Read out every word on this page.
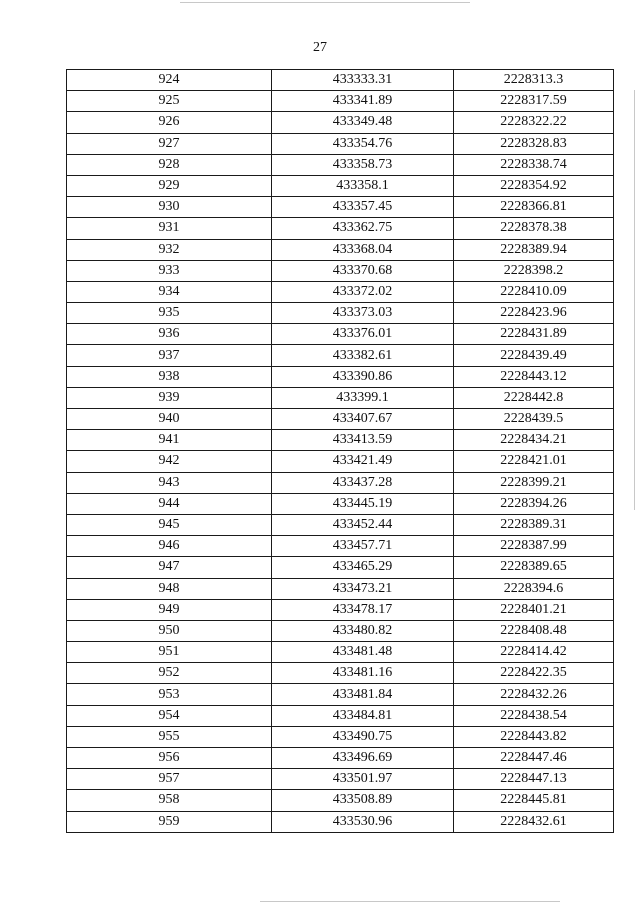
27
924	433333.31	2228313.3
925	433341.89	2228317.59
926	433349.48	2228322.22
927	433354.76	2228328.83
928	433358.73	2228338.74
929	433358.1	2228354.92
930	433357.45	2228366.81
931	433362.75	2228378.38
932	433368.04	2228389.94
933	433370.68	2228398.2
934	433372.02	2228410.09
935	433373.03	2228423.96
936	433376.01	2228431.89
937	433382.61	2228439.49
938	433390.86	2228443.12
939	433399.1	2228442.8
940	433407.67	2228439.5
941	433413.59	2228434.21
942	433421.49	2228421.01
943	433437.28	2228399.21
944	433445.19	2228394.26
945	433452.44	2228389.31
946	433457.71	2228387.99
947	433465.29	2228389.65
948	433473.21	2228394.6
949	433478.17	2228401.21
950	433480.82	2228408.48
951	433481.48	2228414.42
952	433481.16	2228422.35
953	433481.84	2228432.26
954	433484.81	2228438.54
955	433490.75	2228443.82
956	433496.69	2228447.46
957	433501.97	2228447.13
958	433508.89	2228445.81
959	433530.96	2228432.61
